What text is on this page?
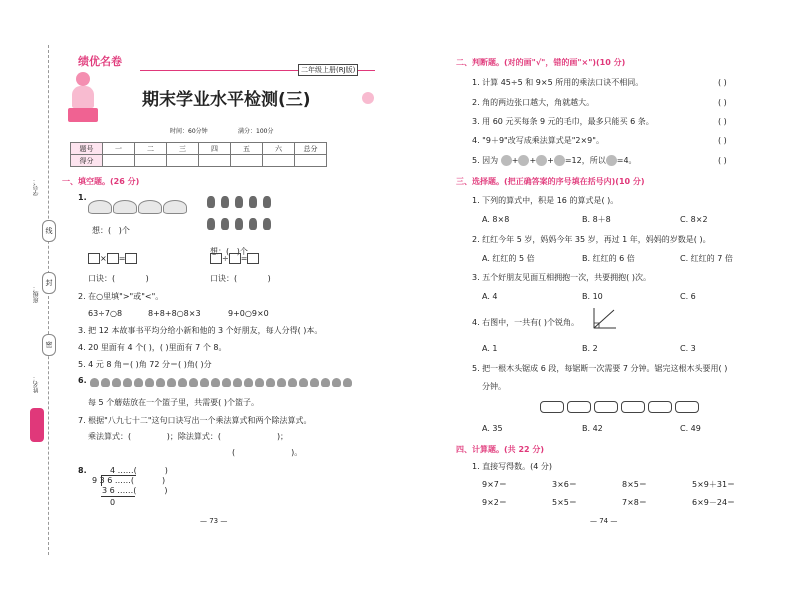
线
封
密
学号：
班级：
姓名：
绩优名卷
二年级上册(RJ版)
期末学业水平检测(三)
时间：60分钟	满分：100分
题号	一	二	三	四	五	六	总分
得分							
一、填空题。(26 分)
1.
想：( )个
想：( )个
× =	÷ =
口诀：(	)	口诀：(	)
2. 在○里填">"或"<"。
63÷7○8	8+8+8○8×3	9+0○9×0
3. 把 12 本故事书平均分给小新和他的 3 个好朋友，每人分得( )本。
4. 20 里面有 4 个( )，( )里面有 7 个 8。
5. 4 元 8 角＝( )角 72 分＝( )角( )分
6.
每 5 个蘑菇放在一个篮子里，共需要( )个篮子。
7. 根据"八九七十二"这句口诀写出一个乘法算式和两个除法算式。
乘法算式：(	)；除法算式：(	)；
(	)。
8.	4 ……(	)
9 3 6 ……(	)
3 6 ……(	)
0
— 73 —
二、判断题。(对的画"√"，错的画"×")(10 分)
1. 计算 45÷5 和 9×5 所用的乘法口诀不相同。	( )
2. 角的两边张口越大，角就越大。	( )
3. 用 60 元买每条 9 元的毛巾，最多只能买 6 条。	( )
4. "9＋9"改写成乘法算式是"2×9"。	( )
5. 因为 + + + =12，所以 =4。	( )
三、选择题。(把正确答案的序号填在括号内)(10 分)
1. 下列的算式中，积是 16 的算式是( )。
A. 8×8	B. 8＋8	C. 8×2
2. 红红今年 5 岁，妈妈今年 35 岁，再过 1 年，妈妈的岁数是( )。
A. 红红的 5 倍	B. 红红的 6 倍	C. 红红的 7 倍
3. 五个好朋友见面互相拥抱一次，共要拥抱( )次。
A. 4	B. 10	C. 6
4. 右图中，一共有( )个锐角。
A. 1	B. 2	C. 3
5. 把一根木头锯成 6 段，每锯断一次需要 7 分钟。锯完这根木头要用( )
分钟。
A. 35	B. 42	C. 49
四、计算题。(共 22 分)
1. 直接写得数。(4 分)
9×7＝	3×6＝	8×5＝	5×9＋31＝
9×2＝	5×5＝	7×8＝	6×9－24＝
— 74 —
